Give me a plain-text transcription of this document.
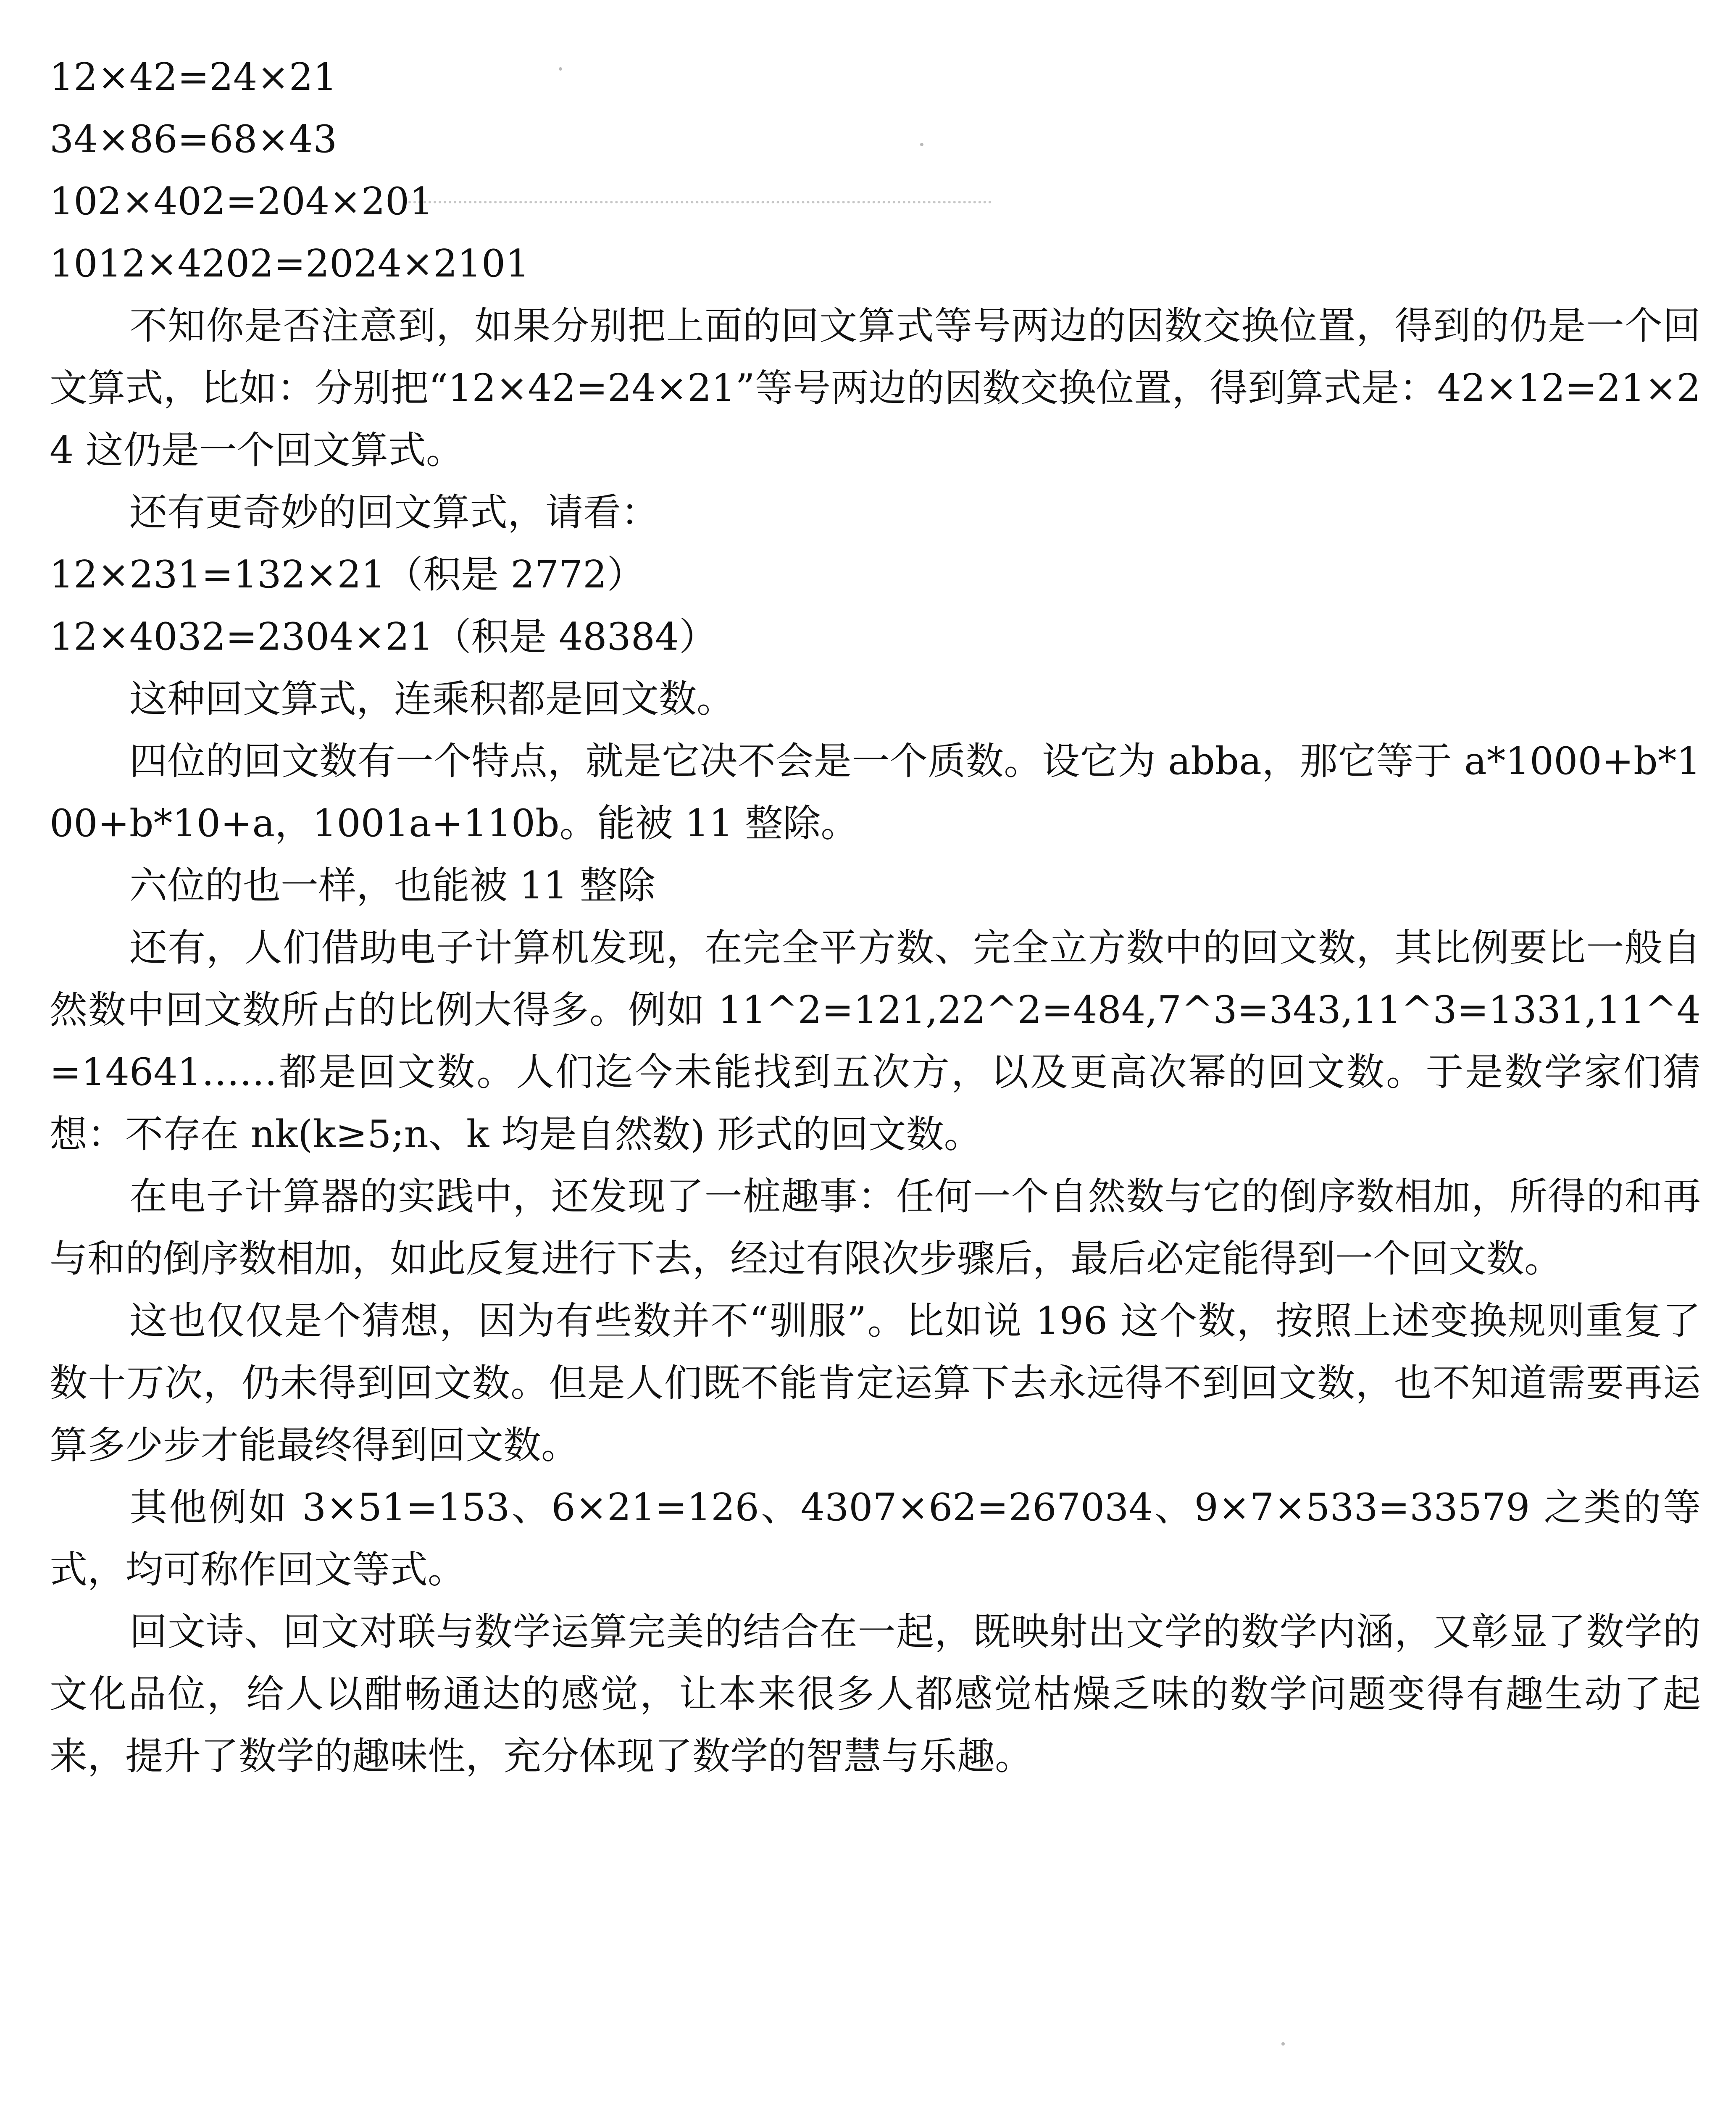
12×42=24×21
34×86=68×43
102×402=204×201
1012×4202=2024×2101

不知你是否注意到，如果分别把上面的回文算式等号两边的因数交换位置，得到的仍是一个回文算式，比如：分别把“12×42=24×21”等号两边的因数交换位置，得到算式是：42×12=21×24 这仍是一个回文算式。

还有更奇妙的回文算式，请看：

12×231=132×21（积是 2772）
12×4032=2304×21（积是 48384）

这种回文算式，连乘积都是回文数。

四位的回文数有一个特点，就是它决不会是一个质数。设它为 abba，那它等于 a*1000+b*100+b*10+a，1001a+110b。能被 11 整除。

六位的也一样，也能被 11 整除

还有，人们借助电子计算机发现，在完全平方数、完全立方数中的回文数，其比例要比一般自然数中回文数所占的比例大得多。例如 11^2=121,22^2=484,7^3=343,11^3=1331,11^4=14641……都是回文数。人们迄今未能找到五次方，以及更高次幂的回文数。于是数学家们猜想：不存在 nk(k≥5;n、k 均是自然数) 形式的回文数。

在电子计算器的实践中，还发现了一桩趣事：任何一个自然数与它的倒序数相加，所得的和再与和的倒序数相加，如此反复进行下去，经过有限次步骤后，最后必定能得到一个回文数。

这也仅仅是个猜想，因为有些数并不“驯服”。比如说 196 这个数，按照上述变换规则重复了数十万次，仍未得到回文数。但是人们既不能肯定运算下去永远得不到回文数，也不知道需要再运算多少步才能最终得到回文数。

其他例如 3×51=153、6×21=126、4307×62=267034、9×7×533=33579 之类的等式，均可称作回文等式。

回文诗、回文对联与数学运算完美的结合在一起，既映射出文学的数学内涵，又彰显了数学的文化品位，给人以酣畅通达的感觉，让本来很多人都感觉枯燥乏味的数学问题变得有趣生动了起来，提升了数学的趣味性，充分体现了数学的智慧与乐趣。
